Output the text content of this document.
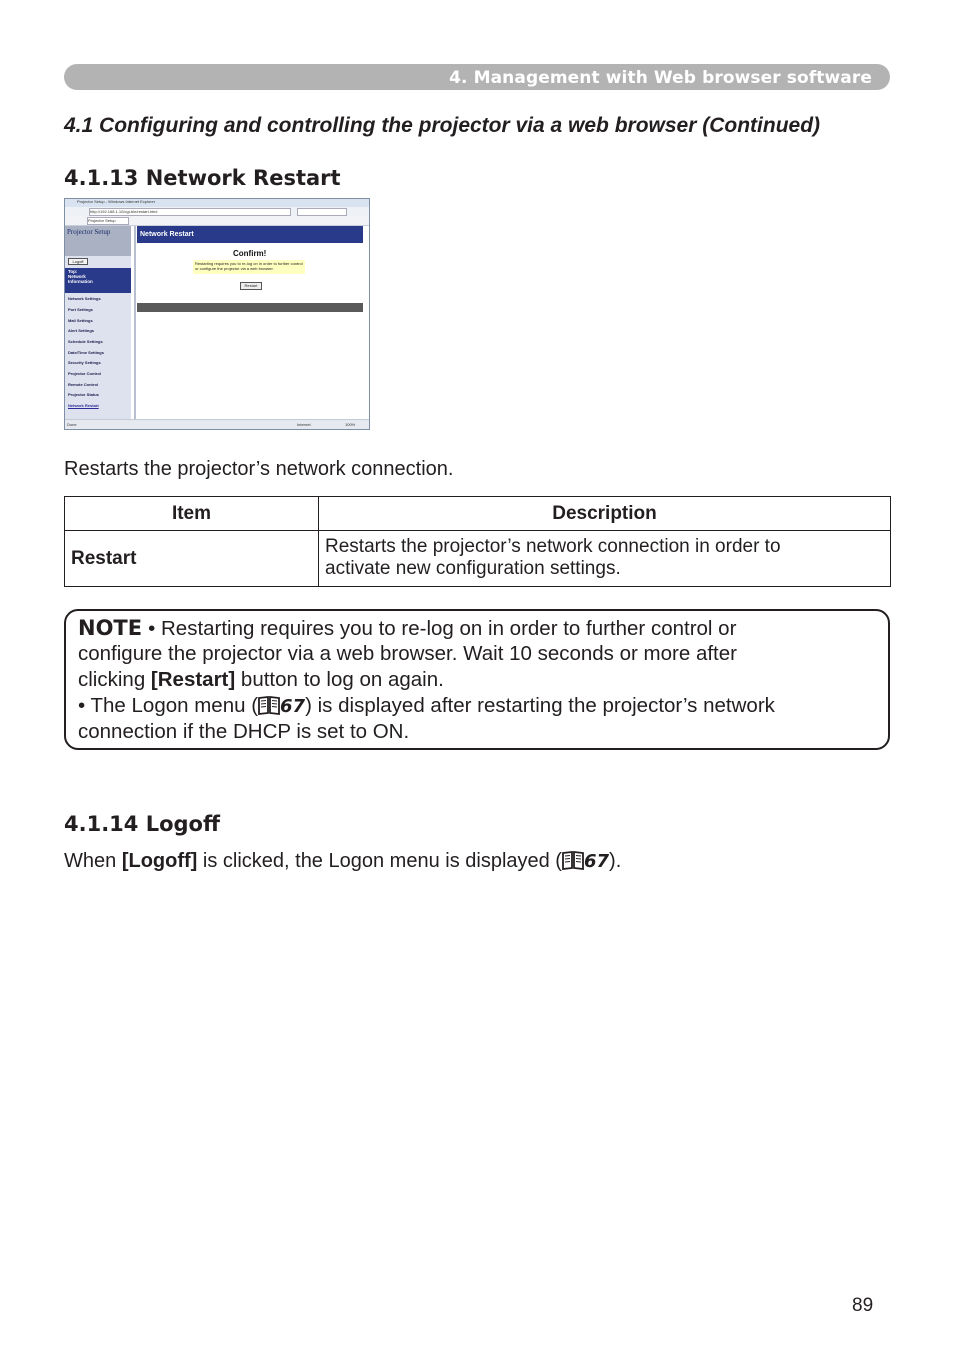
4. Management with Web browser software
4.1 Configuring and controlling the projector via a web browser (Continued)
4.1.13 Network Restart
Projector Setup - Windows Internet Explorer
http://192.168.1.10/cgi-bin/restart.html
Projector Setup
Projector Setup
Logoff
Top:
Network
Information
Network Settings
Port Settings
Mail Settings
Alert Settings
Schedule Settings
Date/Time Settings
Security Settings
Projector Control
Remote Control
Projector Status
Network Restart
Network Restart
Confirm!
Restarting requires you to re-log on in order to further control or configure the projector via a web browser.
Restart
Done	Internet	100%
Restarts the projector’s network connection.
Item	Description
Restart	Restarts the projector’s network connection in order to
activate new configuration settings.
NOTE • Restarting requires you to re-log on in order to further control or
configure the projector via a web browser. Wait 10 seconds or more after
clicking [Restart] button to log on again.
• The Logon menu ( 67) is displayed after restarting the projector’s network
connection if the DHCP is set to ON.
4.1.14 Logoff
When [Logoff] is clicked, the Logon menu is displayed ( 67).
89
